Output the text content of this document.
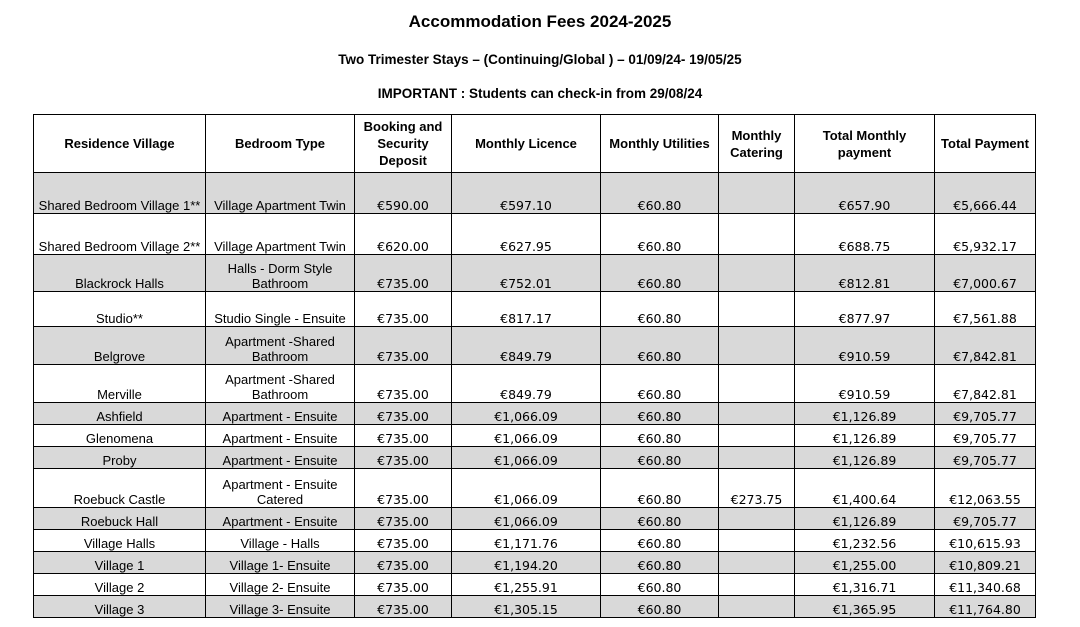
Accommodation Fees 2024-2025
Two Trimester Stays – (Continuing/Global ) – 01/09/24- 19/05/25
IMPORTANT : Students can check-in from 29/08/24
Residence Village	Bedroom Type	Booking and Security Deposit	Monthly Licence	Monthly Utilities	Monthly Catering	Total Monthly payment	Total Payment
Shared Bedroom Village 1**	Village Apartment Twin	€590.00	€597.10	€60.80		€657.90	€5,666.44
Shared Bedroom Village 2**	Village Apartment Twin	€620.00	€627.95	€60.80		€688.75	€5,932.17
Blackrock Halls	Halls - Dorm Style Bathroom	€735.00	€752.01	€60.80		€812.81	€7,000.67
Studio**	Studio Single - Ensuite	€735.00	€817.17	€60.80		€877.97	€7,561.88
Belgrove	Apartment -Shared Bathroom	€735.00	€849.79	€60.80		€910.59	€7,842.81
Merville	Apartment -Shared Bathroom	€735.00	€849.79	€60.80		€910.59	€7,842.81
Ashfield	Apartment - Ensuite	€735.00	€1,066.09	€60.80		€1,126.89	€9,705.77
Glenomena	Apartment - Ensuite	€735.00	€1,066.09	€60.80		€1,126.89	€9,705.77
Proby	Apartment - Ensuite	€735.00	€1,066.09	€60.80		€1,126.89	€9,705.77
Roebuck Castle	Apartment - Ensuite Catered	€735.00	€1,066.09	€60.80	€273.75	€1,400.64	€12,063.55
Roebuck Hall	Apartment - Ensuite	€735.00	€1,066.09	€60.80		€1,126.89	€9,705.77
Village Halls	Village - Halls	€735.00	€1,171.76	€60.80		€1,232.56	€10,615.93
Village 1	Village 1- Ensuite	€735.00	€1,194.20	€60.80		€1,255.00	€10,809.21
Village 2	Village 2- Ensuite	€735.00	€1,255.91	€60.80		€1,316.71	€11,340.68
Village 3	Village 3- Ensuite	€735.00	€1,305.15	€60.80		€1,365.95	€11,764.80
